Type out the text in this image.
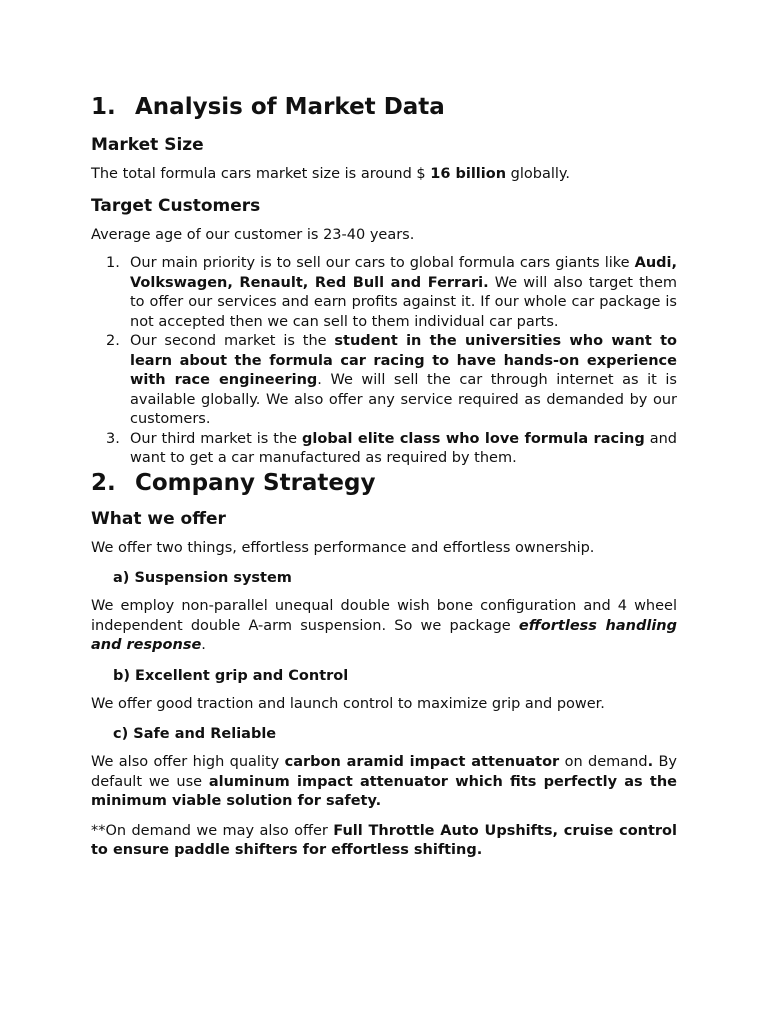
1. Analysis of Market Data
Market Size

The total formula cars market size is around $ 16 billion globally.

Target Customers

Average age of our customer is 23-40 years.

1. Our main priority is to sell our cars to global formula cars giants like Audi, Volkswagen, Renault, Red Bull and Ferrari. We will also target them to offer our services and earn profits against it. If our whole car package is not accepted then we can sell to them individual car parts.
2. Our second market is the student in the universities who want to learn about the formula car racing to have hands-on experience with race engineering. We will sell the car through internet as it is available globally. We also offer any service required as demanded by our customers.
3. Our third market is the global elite class who love formula racing and want to get a car manufactured as required by them.
2. Company Strategy
What we offer

We offer two things, effortless performance and effortless ownership.

a) Suspension system

We employ non-parallel unequal double wish bone configuration and 4 wheel independent double A-arm suspension. So we package effortless handling and response.

b) Excellent grip and Control

We offer good traction and launch control to maximize grip and power.

c) Safe and Reliable

We also offer high quality carbon aramid impact attenuator on demand. By default we use aluminum impact attenuator which fits perfectly as the minimum viable solution for safety.

**On demand we may also offer Full Throttle Auto Upshifts, cruise control to ensure paddle shifters for effortless shifting.
